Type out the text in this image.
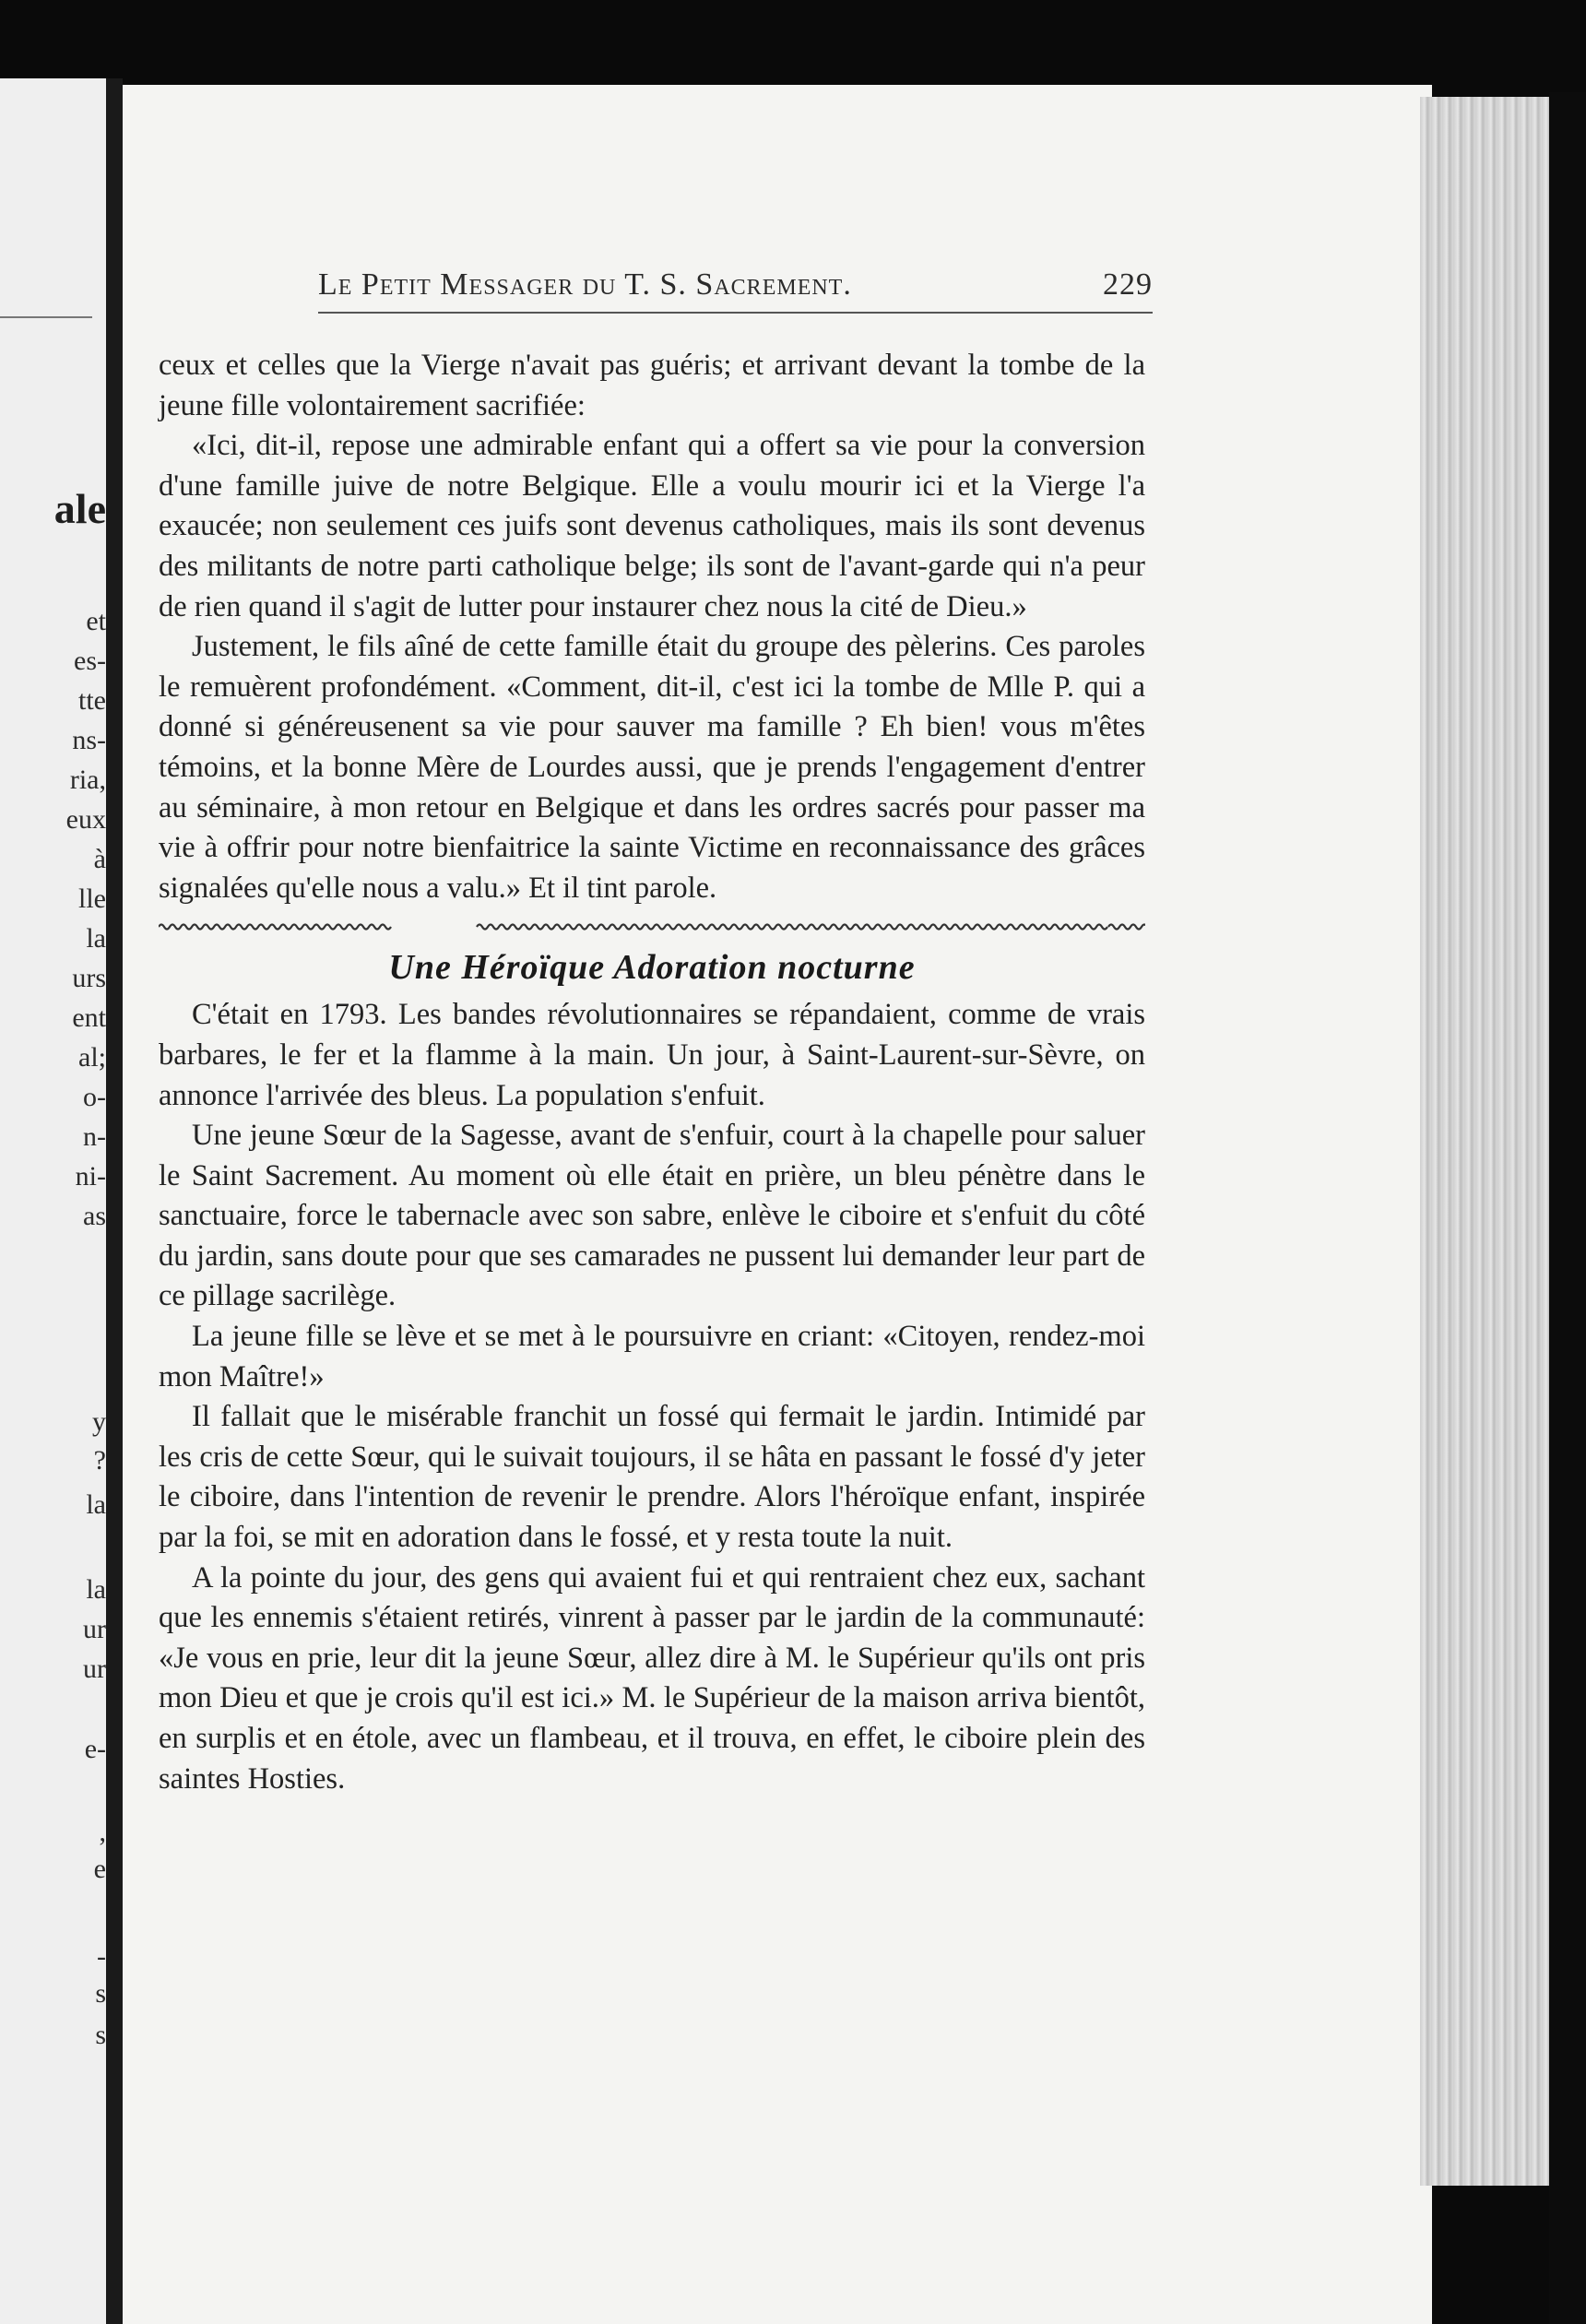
ale
et
es-
tte
ns-
ria,
eux
à
lle
la
urs
ent
al;
o-
n-
ni-
as
y
?
la
la
ur
ur
e-
,
e
-
s
s
Le Petit Messager du T. S. Sacrement.	229

ceux et celles que la Vierge n'avait pas guéris; et arrivant devant la tombe de la jeune fille volontairement sacrifiée:

«Ici, dit-il, repose une admirable enfant qui a offert sa vie pour la conversion d'une famille juive de notre Belgique. Elle a voulu mourir ici et la Vierge l'a exaucée; non seulement ces juifs sont devenus catholiques, mais ils sont devenus des militants de notre parti catholique belge; ils sont de l'avant-garde qui n'a peur de rien quand il s'agit de lutter pour instaurer chez nous la cité de Dieu.»

Justement, le fils aîné de cette famille était du groupe des pèlerins. Ces paroles le remuèrent profondément. «Comment, dit-il, c'est ici la tombe de Mlle P. qui a donné si généreusenent sa vie pour sauver ma famille ? Eh bien! vous m'êtes témoins, et la bonne Mère de Lourdes aussi, que je prends l'engagement d'entrer au séminaire, à mon retour en Belgique et dans les ordres sacrés pour passer ma vie à offrir pour notre bienfaitrice la sainte Victime en reconnaissance des grâces signalées qu'elle nous a valu.» Et il tint parole.

Une Héroïque Adoration nocturne

C'était en 1793. Les bandes révolutionnaires se répandaient, comme de vrais barbares, le fer et la flamme à la main. Un jour, à Saint-Laurent-sur-Sèvre, on annonce l'arrivée des bleus. La population s'enfuit.

Une jeune Sœur de la Sagesse, avant de s'enfuir, court à la chapelle pour saluer le Saint Sacrement. Au moment où elle était en prière, un bleu pénètre dans le sanctuaire, force le tabernacle avec son sabre, enlève le ciboire et s'enfuit du côté du jardin, sans doute pour que ses camarades ne pussent lui demander leur part de ce pillage sacrilège.

La jeune fille se lève et se met à le poursuivre en criant: «Citoyen, rendez-moi mon Maître!»

Il fallait que le misérable franchit un fossé qui fermait le jardin. Intimidé par les cris de cette Sœur, qui le suivait toujours, il se hâta en passant le fossé d'y jeter le ciboire, dans l'intention de revenir le prendre. Alors l'héroïque enfant, inspirée par la foi, se mit en adoration dans le fossé, et y resta toute la nuit.

A la pointe du jour, des gens qui avaient fui et qui rentraient chez eux, sachant que les ennemis s'étaient retirés, vinrent à passer par le jardin de la communauté: «Je vous en prie, leur dit la jeune Sœur, allez dire à M. le Supérieur qu'ils ont pris mon Dieu et que je crois qu'il est ici.» M. le Supérieur de la maison arriva bientôt, en surplis et en étole, avec un flambeau, et il trouva, en effet, le ciboire plein des saintes Hosties.
